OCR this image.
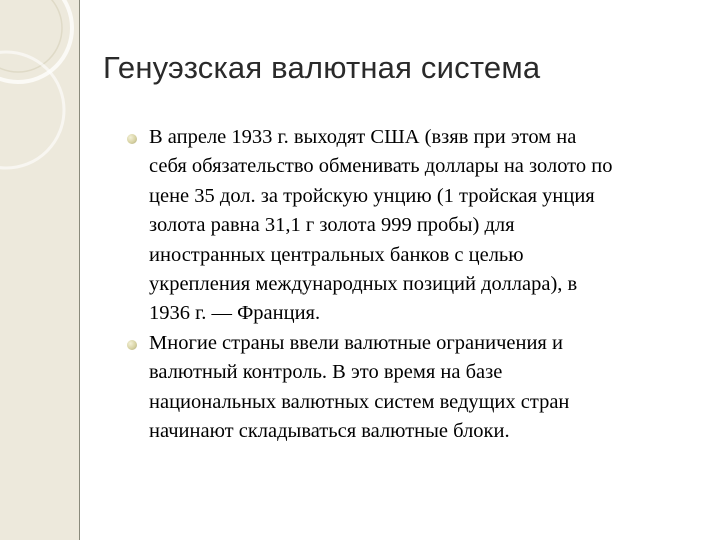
Генуэзская валютная система
В апреле 1933 г. выходят США (взяв при этом на
себя обязательство обменивать доллары на золото по
цене 35 дол. за тройскую унцию (1 тройская унция
золота равна 31,1 г золота 999 пробы) для
иностранных центральных банков с целью
укрепления международных позиций доллара), в
1936 г. — Франция.
Многие страны ввели валютные ограничения и
валютный контроль. В это время на базе
национальных валютных систем ведущих стран
начинают складываться валютные блоки.
